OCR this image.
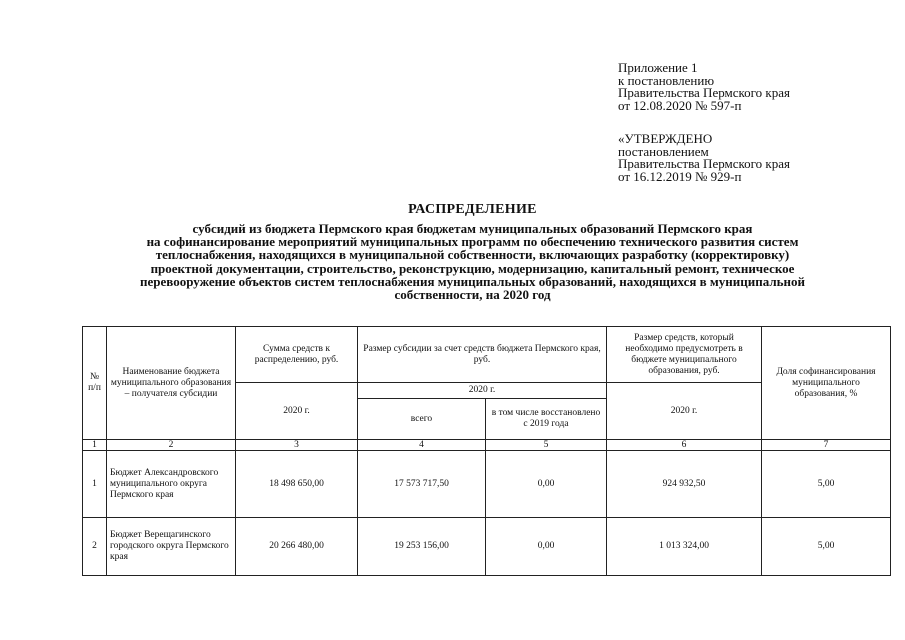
Приложение 1
к постановлению
Правительства Пермского края
от 12.08.2020 № 597-п
«УТВЕРЖДЕНО
постановлением
Правительства Пермского края
от 16.12.2019 № 929-п
РАСПРЕДЕЛЕНИЕ
субсидий из бюджета Пермского края бюджетам муниципальных образований Пермского края
на софинансирование мероприятий муниципальных программ по обеспечению технического развития систем
теплоснабжения, находящихся в муниципальной собственности, включающих разработку (корректировку)
проектной документации, строительство, реконструкцию, модернизацию, капитальный ремонт, техническое
перевооружение объектов систем теплоснабжения муниципальных образований, находящихся в муниципальной
собственности, на 2020 год
№
п/п	Наименование бюджета муниципального образования – получателя субсидии	Сумма средств к распределению, руб.	Размер субсидии за счет средств бюджета Пермского края, руб.		Размер средств, который необходимо предусмотреть в бюджете муниципального образования, руб.	Доля софинансирования муниципального образования, %
		2020 г.	2020 г.		2020 г.	
			всего	в том числе восстановлено с 2019 года		
1	2	3	4	5	6	7
1	Бюджет Александровского муниципального округа Пермского края	18 498 650,00	17 573 717,50	0,00	924 932,50	5,00
2	Бюджет Верещагинского городского округа Пермского края	20 266 480,00	19 253 156,00	0,00	1 013 324,00	5,00
